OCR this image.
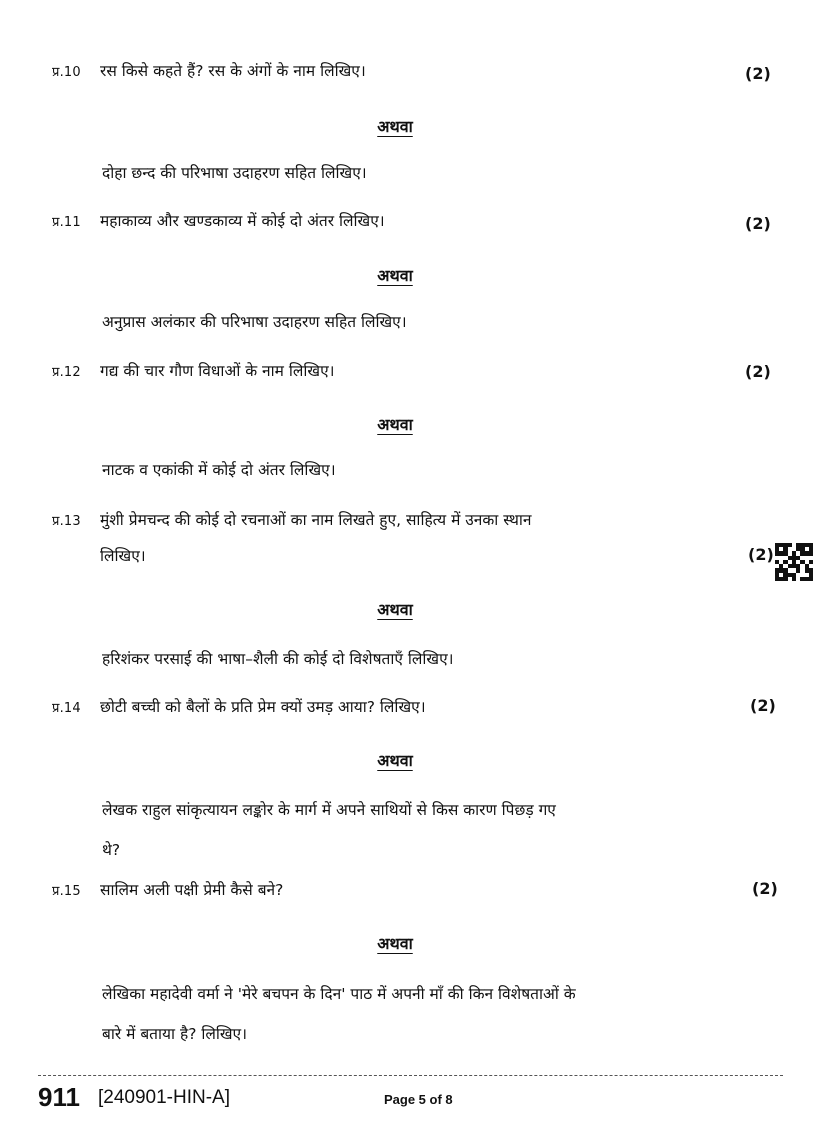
प्र.10 रस किसे कहते हैं? रस के अंगों के नाम लिखिए।	(2)
अथवा
दोहा छन्द की परिभाषा उदाहरण सहित लिखिए।
प्र.11 महाकाव्य और खण्डकाव्य में कोई दो अंतर लिखिए।	(2)
अथवा
अनुप्रास अलंकार की परिभाषा उदाहरण सहित लिखिए।
प्र.12 गद्य की चार गौण विधाओं के नाम लिखिए।	(2)
अथवा
नाटक व एकांकी में कोई दो अंतर लिखिए।
प्र.13 मुंशी प्रेमचन्द की कोई दो रचनाओं का नाम लिखते हुए, साहित्य में उनका स्थान
लिखिए।	(2)
अथवा
हरिशंकर परसाई की भाषा–शैली की कोई दो विशेषताएँ लिखिए।
प्र.14 छोटी बच्ची को बैलों के प्रति प्रेम क्यों उमड़ आया? लिखिए।	(2)
अथवा
लेखक राहुल सांकृत्यायन लङ्कोर के मार्ग में अपने साथियों से किस कारण पिछड़ गए
थे?
प्र.15 सालिम अली पक्षी प्रेमी कैसे बने?	(2)
अथवा
लेखिका महादेवी वर्मा ने 'मेरे बचपन के दिन' पाठ में अपनी माँ की किन विशेषताओं के
बारे में बताया है? लिखिए।
911 [240901-HIN-A]	Page 5 of 8
